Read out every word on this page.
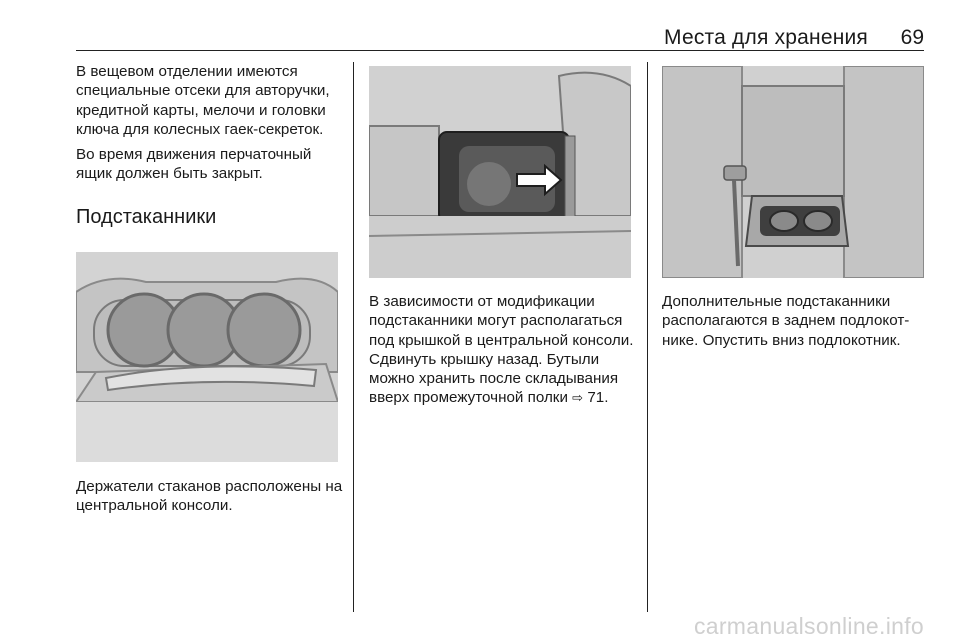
Места для хранения 69

В вещевом отделении имеются специальные отсеки для авторучки, кредитной карты, мелочи и головки ключа для колесных гаек-секреток.

Во время движения перчаточный ящик должен быть закрыт.

Подстаканники

Держатели стаканов расположены на центральной консоли.

В зависимости от модификации подстаканники могут располагаться под крышкой в центральной консоли. Сдвинуть крышку назад. Бутыли можно хранить после складывания вверх промежуточной полки ⇨ 71.

Дополнительные подстаканники располагаются в заднем подлокотнике. Опустить вниз подлокотник.

carmanualsonline.info
